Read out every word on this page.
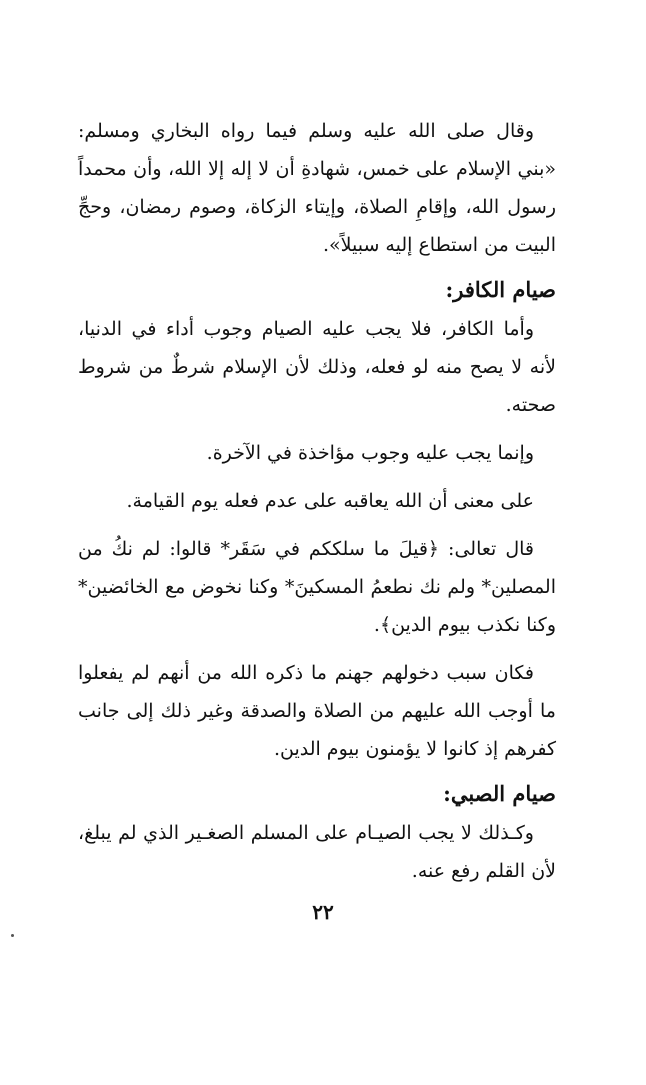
وقال صلى الله عليه وسلم فيما رواه البخاري ومسلم: «بني الإسلام على خمس، شهادةِ أن لا إله إلا الله، وأن محمداً رسول الله، وإقامِ الصلاة، وإيتاء الزكاة، وصوم رمضان، وحجِّ البيت من استطاع إليه سبيلاً».

صيام الكافر:

وأما الكافر، فلا يجب عليه الصيام وجوب أداء في الدنيا، لأنه لا يصح منه لو فعله، وذلك لأن الإسلام شرطٌ من شروط صحته.

وإنما يجب عليه وجوب مؤاخذة في الآخرة.

على معنى أن الله يعاقبه على عدم فعله يوم القيامة.

قال تعالى: ﴿قيلَ ما سلككم في سَقَر* قالوا: لم نكُ من المصلين* ولم نك نطعمُ المسكينَ* وكنا نخوض مع الخائضين* وكنا نكذب بيوم الدين﴾.

فكان سبب دخولهم جهنم ما ذكره الله من أنهم لم يفعلوا ما أوجب الله عليهم من الصلاة والصدقة وغير ذلك إلى جانب كفرهم إذ كانوا لا يؤمنون بيوم الدين.

صيام الصبي:

وكـذلك لا يجب الصيـام على المسلم الصغـير الذي لم يبلغ، لأن القلم رفع عنه.

٢٢
